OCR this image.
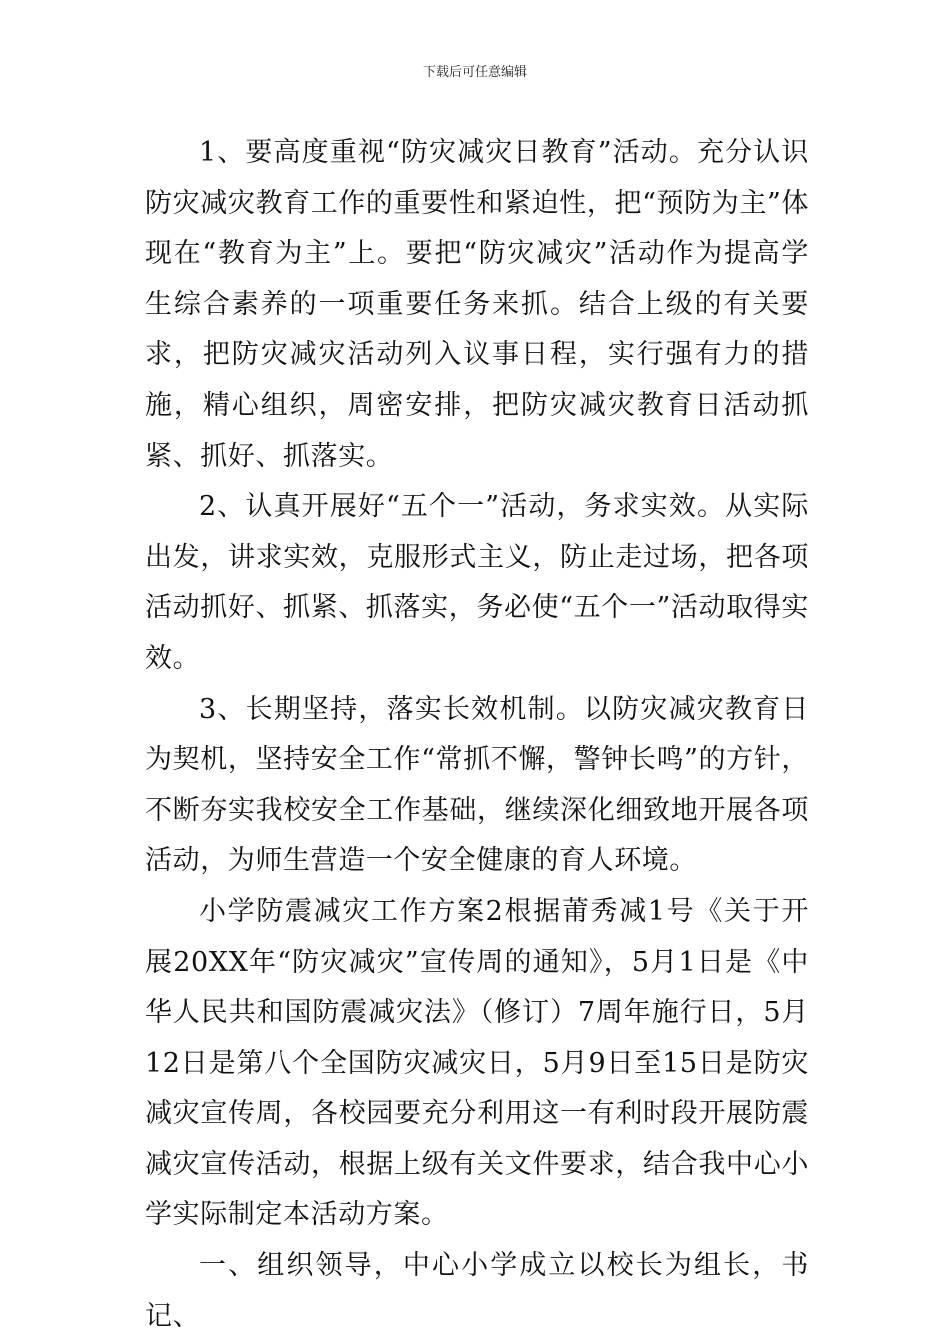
下载后可任意编辑

1、要高度重视“防灾减灾日教育”活动。充分认识防灾减灾教育工作的重要性和紧迫性，把“预防为主”体现在“教育为主”上。要把“防灾减灾”活动作为提高学生综合素养的一项重要任务来抓。结合上级的有关要求，把防灾减灾活动列入议事日程，实行强有力的措施，精心组织，周密安排，把防灾减灾教育日活动抓紧、抓好、抓落实。

2、认真开展好“五个一”活动，务求实效。从实际出发，讲求实效，克服形式主义，防止走过场，把各项活动抓好、抓紧、抓落实，务必使“五个一”活动取得实效。

3、长期坚持，落实长效机制。以防灾减灾教育日为契机，坚持安全工作“常抓不懈，警钟长鸣”的方针，不断夯实我校安全工作基础，继续深化细致地开展各项活动，为师生营造一个安全健康的育人环境。

小学防震减灾工作方案2根据莆秀减1号《关于开展20XX年“防灾减灾”宣传周的通知》，5月1日是《中华人民共和国防震减灾法》（修订）7周年施行日，5月12日是第八个全国防灾减灾日，5月9日至15日是防灾减灾宣传周，各校园要充分利用这一有利时段开展防震减灾宣传活动，根据上级有关文件要求，结合我中心小学实际制定本活动方案。

一、组织领导，中心小学成立以校长为组长，书记、
